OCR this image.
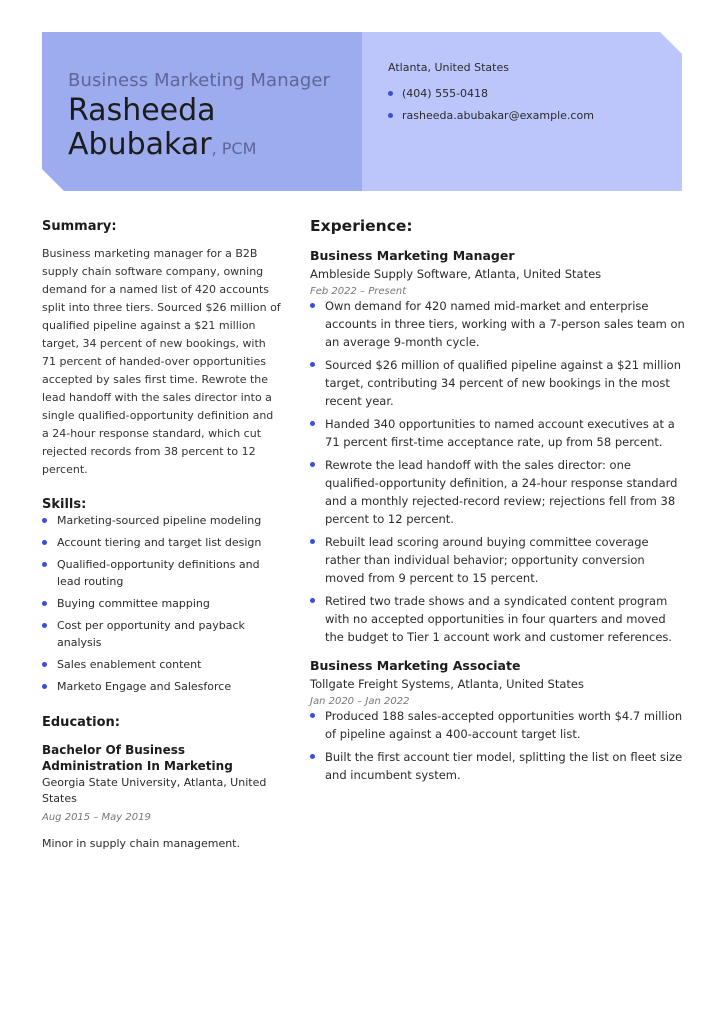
Business Marketing Manager
Rasheeda
Abubakar, PCM
Atlanta, United States
(404) 555-0418
rasheeda.abubakar@example.com
Summary:
Business marketing manager for a B2B supply chain software company, owning demand for a named list of 420 accounts split into three tiers. Sourced $26 million of qualified pipeline against a $21 million target, 34 percent of new bookings, with 71 percent of handed-over opportunities accepted by sales first time. Rewrote the lead handoff with the sales director into a single qualified-opportunity definition and a 24-hour response standard, which cut rejected records from 38 percent to 12 percent.
Skills:
Marketing-sourced pipeline modeling
Account tiering and target list design
Qualified-opportunity definitions and lead routing
Buying committee mapping
Cost per opportunity and payback analysis
Sales enablement content
Marketo Engage and Salesforce
Education:
Bachelor Of Business Administration In Marketing
Georgia State University, Atlanta, United States
Aug 2015 – May 2019
Minor in supply chain management.
Experience:
Business Marketing Manager
Ambleside Supply Software, Atlanta, United States
Feb 2022 – Present
Own demand for 420 named mid-market and enterprise accounts in three tiers, working with a 7-person sales team on an average 9-month cycle.
Sourced $26 million of qualified pipeline against a $21 million target, contributing 34 percent of new bookings in the most recent year.
Handed 340 opportunities to named account executives at a 71 percent first-time acceptance rate, up from 58 percent.
Rewrote the lead handoff with the sales director: one qualified-opportunity definition, a 24-hour response standard and a monthly rejected-record review; rejections fell from 38 percent to 12 percent.
Rebuilt lead scoring around buying committee coverage rather than individual behavior; opportunity conversion moved from 9 percent to 15 percent.
Retired two trade shows and a syndicated content program with no accepted opportunities in four quarters and moved the budget to Tier 1 account work and customer references.
Business Marketing Associate
Tollgate Freight Systems, Atlanta, United States
Jan 2020 – Jan 2022
Produced 188 sales-accepted opportunities worth $4.7 million of pipeline against a 400-account target list.
Built the first account tier model, splitting the list on fleet size and incumbent system.
